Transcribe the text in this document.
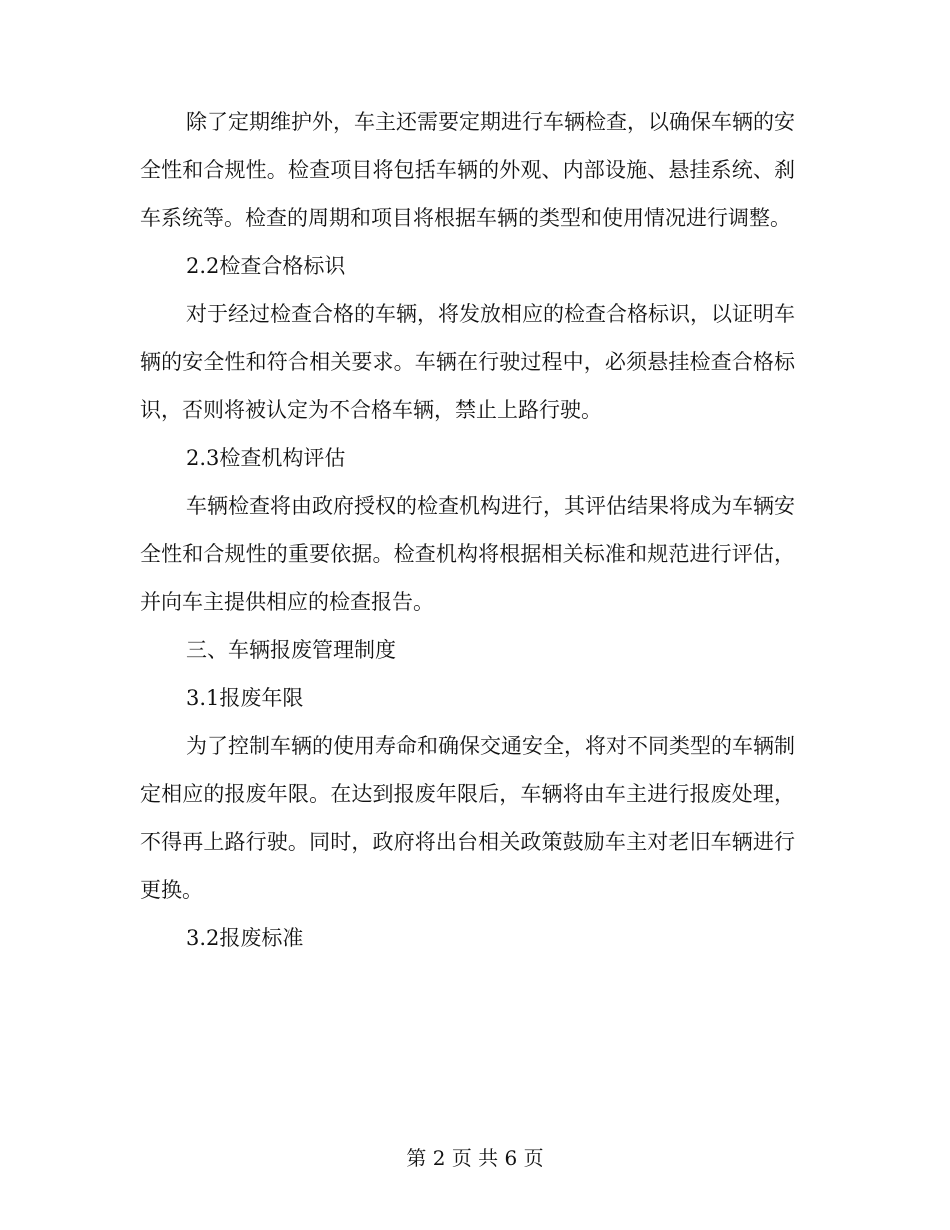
除了定期维护外，车主还需要定期进行车辆检查，以确保车辆的安全性和合规性。检查项目将包括车辆的外观、内部设施、悬挂系统、刹车系统等。检查的周期和项目将根据车辆的类型和使用情况进行调整。

2.2检查合格标识

对于经过检查合格的车辆，将发放相应的检查合格标识，以证明车辆的安全性和符合相关要求。车辆在行驶过程中，必须悬挂检查合格标识，否则将被认定为不合格车辆，禁止上路行驶。

2.3检查机构评估

车辆检查将由政府授权的检查机构进行，其评估结果将成为车辆安全性和合规性的重要依据。检查机构将根据相关标准和规范进行评估，并向车主提供相应的检查报告。

三、车辆报废管理制度

3.1报废年限

为了控制车辆的使用寿命和确保交通安全，将对不同类型的车辆制定相应的报废年限。在达到报废年限后，车辆将由车主进行报废处理，不得再上路行驶。同时，政府将出台相关政策鼓励车主对老旧车辆进行更换。

3.2报废标准

第 2 页 共 6 页
